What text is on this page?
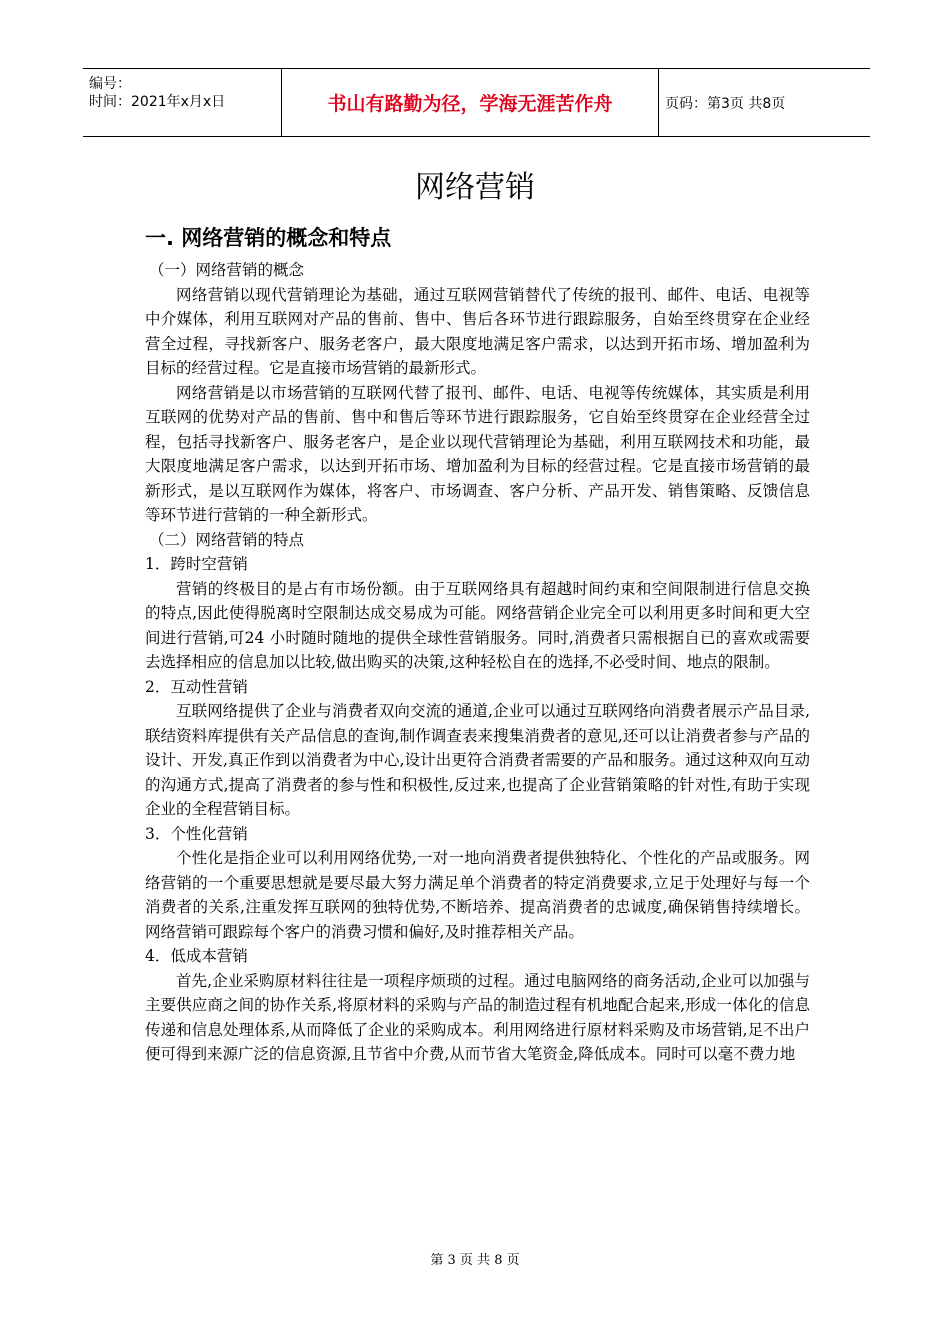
编号：
时间：2021年x月x日	书山有路勤为径，学海无涯苦作舟	页码：第3页 共8页
网络营销
一. 网络营销的概念和特点

（一）网络营销的概念

网络营销以现代营销理论为基础，通过互联网营销替代了传统的报刊、邮件、电话、电视等中介媒体，利用互联网对产品的售前、售中、售后各环节进行跟踪服务，自始至终贯穿在企业经营全过程，寻找新客户、服务老客户，最大限度地满足客户需求，以达到开拓市场、增加盈利为目标的经营过程。它是直接市场营销的最新形式。

网络营销是以市场营销的互联网代替了报刊、邮件、电话、电视等传统媒体，其实质是利用互联网的优势对产品的售前、售中和售后等环节进行跟踪服务，它自始至终贯穿在企业经营全过程，包括寻找新客户、服务老客户，是企业以现代营销理论为基础，利用互联网技术和功能，最大限度地满足客户需求，以达到开拓市场、增加盈利为目标的经营过程。它是直接市场营销的最新形式，是以互联网作为媒体，将客户、市场调查、客户分析、产品开发、销售策略、反馈信息等环节进行营销的一种全新形式。

（二）网络营销的特点

1．跨时空营销

营销的终极目的是占有市场份额。由于互联网络具有超越时间约束和空间限制进行信息交换的特点,因此使得脱离时空限制达成交易成为可能。网络营销企业完全可以利用更多时间和更大空间进行营销,可24 小时随时随地的提供全球性营销服务。同时,消费者只需根据自已的喜欢或需要去选择相应的信息加以比较,做出购买的决策,这种轻松自在的选择,不必受时间、地点的限制。

2．互动性营销

互联网络提供了企业与消费者双向交流的通道,企业可以通过互联网络向消费者展示产品目录,联结资料库提供有关产品信息的查询,制作调查表来搜集消费者的意见,还可以让消费者参与产品的设计、开发,真正作到以消费者为中心,设计出更符合消费者需要的产品和服务。通过这种双向互动的沟通方式,提高了消费者的参与性和积极性,反过来,也提高了企业营销策略的针对性,有助于实现企业的全程营销目标。

3．个性化营销

个性化是指企业可以利用网络优势,一对一地向消费者提供独特化、个性化的产品或服务。网络营销的一个重要思想就是要尽最大努力满足单个消费者的特定消费要求,立足于处理好与每一个消费者的关系,注重发挥互联网的独特优势,不断培养、提高消费者的忠诚度,确保销售持续增长。网络营销可跟踪每个客户的消费习惯和偏好,及时推荐相关产品。

4．低成本营销

首先,企业采购原材料往往是一项程序烦琐的过程。通过电脑网络的商务活动,企业可以加强与主要供应商之间的协作关系,将原材料的采购与产品的制造过程有机地配合起来,形成一体化的信息传递和信息处理体系,从而降低了企业的采购成本。利用网络进行原材料采购及市场营销,足不出户便可得到来源广泛的信息资源,且节省中介费,从而节省大笔资金,降低成本。同时可以毫不费力地

第 3 页 共 8 页
